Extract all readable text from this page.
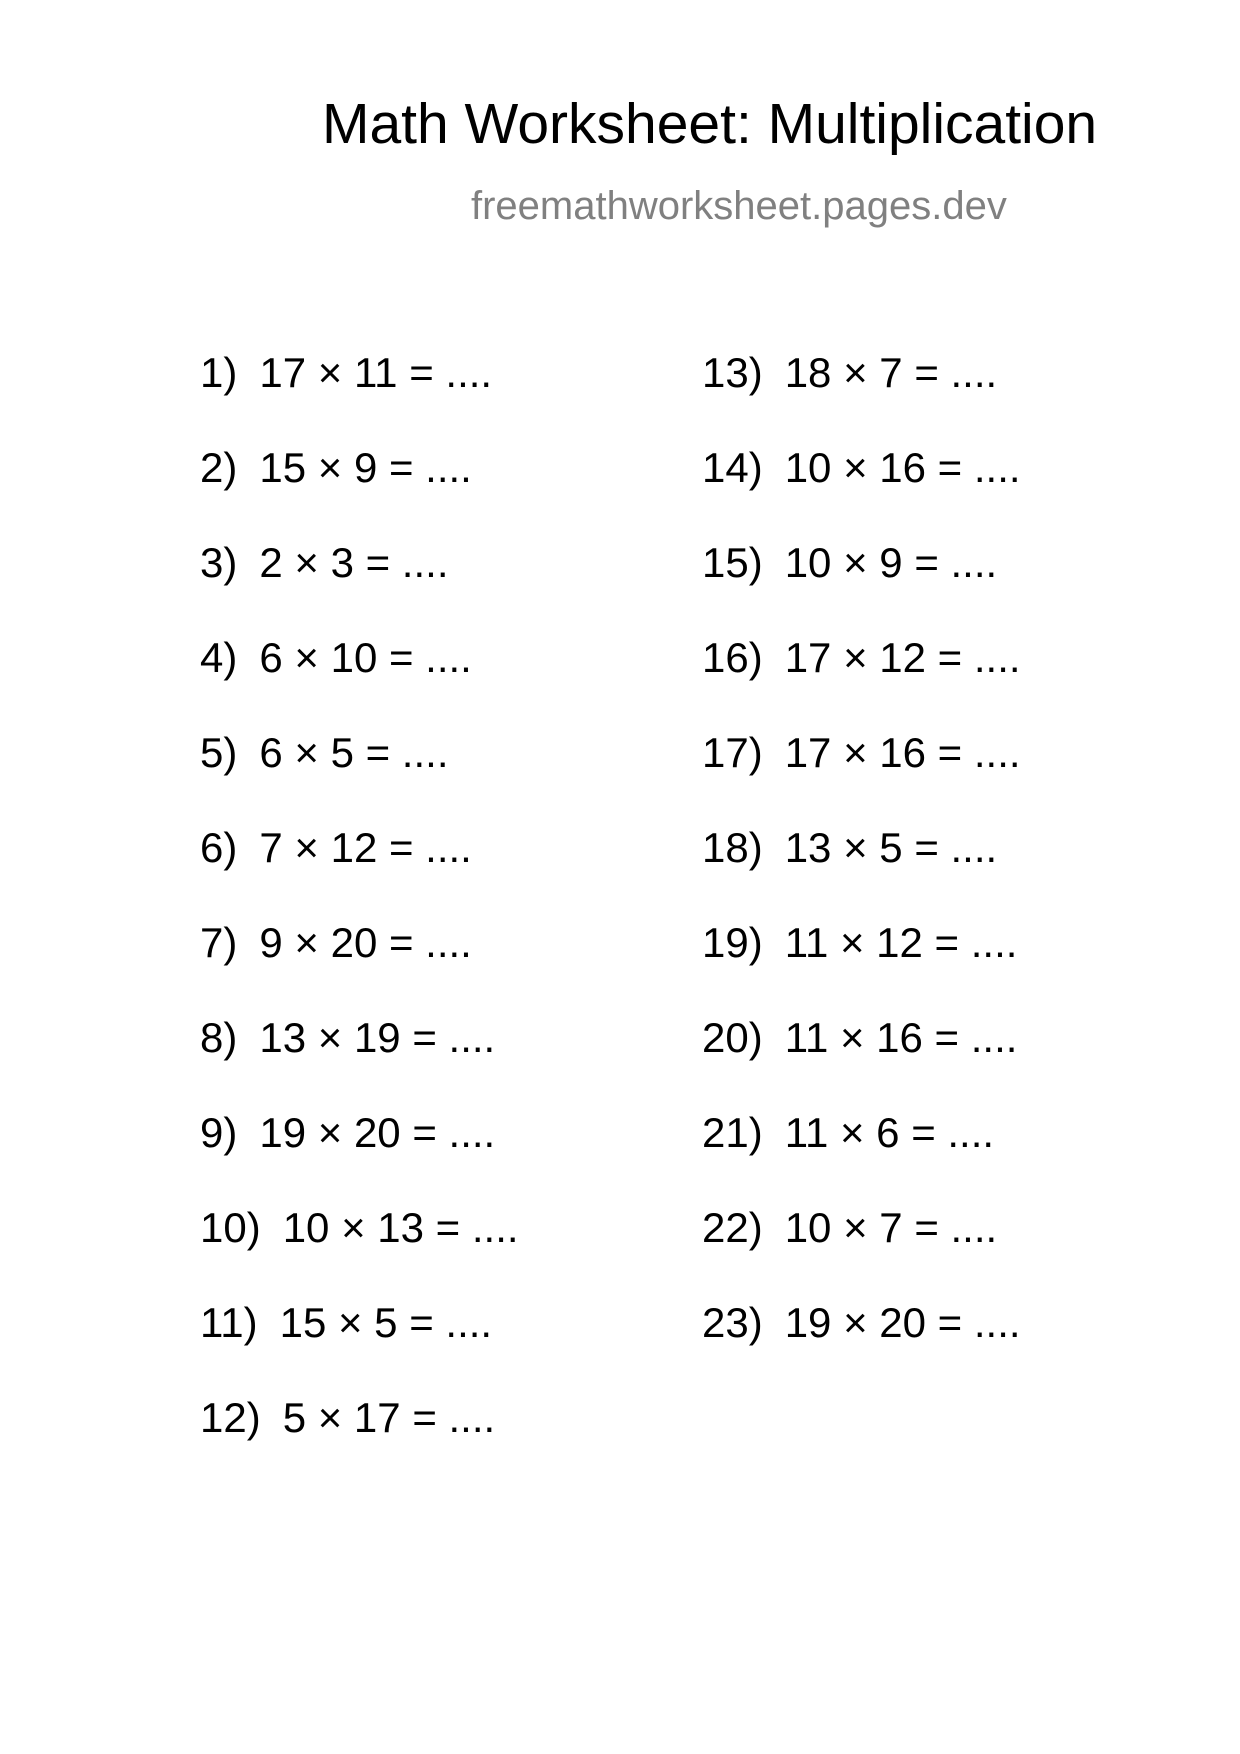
Math Worksheet: Multiplication
freemathworksheet.pages.dev
1) 17 × 11 = ....
2) 15 × 9 = ....
3) 2 × 3 = ....
4) 6 × 10 = ....
5) 6 × 5 = ....
6) 7 × 12 = ....
7) 9 × 20 = ....
8) 13 × 19 = ....
9) 19 × 20 = ....
10) 10 × 13 = ....
11) 15 × 5 = ....
12) 5 × 17 = ....
13) 18 × 7 = ....
14) 10 × 16 = ....
15) 10 × 9 = ....
16) 17 × 12 = ....
17) 17 × 16 = ....
18) 13 × 5 = ....
19) 11 × 12 = ....
20) 11 × 16 = ....
21) 11 × 6 = ....
22) 10 × 7 = ....
23) 19 × 20 = ....
